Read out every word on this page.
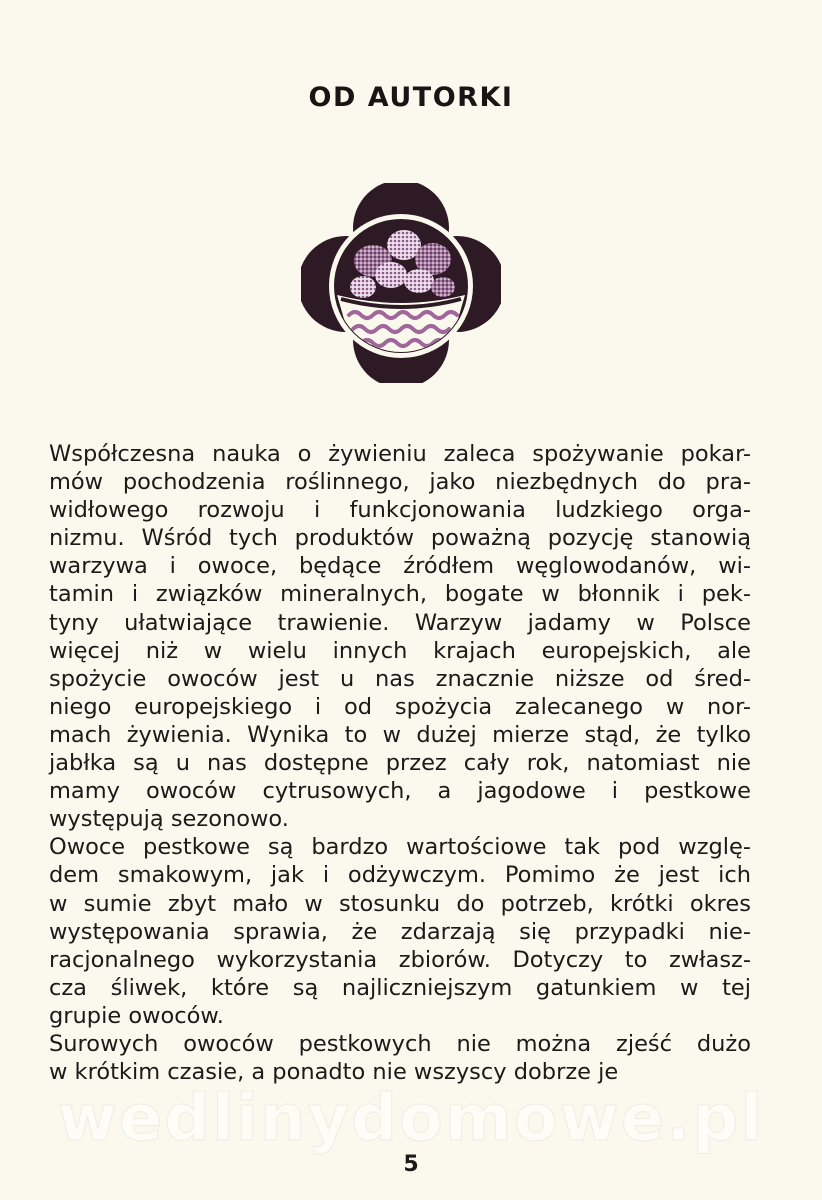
OD AUTORKI
Współczesna nauka o żywieniu zaleca spożywanie pokar-
mów pochodzenia roślinnego, jako niezbędnych do pra-
widłowego rozwoju i funkcjonowania ludzkiego orga-
nizmu. Wśród tych produktów poważną pozycję stanowią
warzywa i owoce, będące źródłem węglowodanów, wi-
tamin i związków mineralnych, bogate w błonnik i pek-
tyny ułatwiające trawienie. Warzyw jadamy w Polsce
więcej niż w wielu innych krajach europejskich, ale
spożycie owoców jest u nas znacznie niższe od śred-
niego europejskiego i od spożycia zalecanego w nor-
mach żywienia. Wynika to w dużej mierze stąd, że tylko
jabłka są u nas dostępne przez cały rok, natomiast nie
mamy owoców cytrusowych, a jagodowe i pestkowe
występują sezonowo.
Owoce pestkowe są bardzo wartościowe tak pod wzglę-
dem smakowym, jak i odżywczym. Pomimo że jest ich
w sumie zbyt mało w stosunku do potrzeb, krótki okres
występowania sprawia, że zdarzają się przypadki nie-
racjonalnego wykorzystania zbiorów. Dotyczy to zwłasz-
cza śliwek, które są najliczniejszym gatunkiem w tej
grupie owoców.
Surowych owoców pestkowych nie można zjeść dużo
w krótkim czasie, a ponadto nie wszyscy dobrze je
wedlinydomowe.pl
5
